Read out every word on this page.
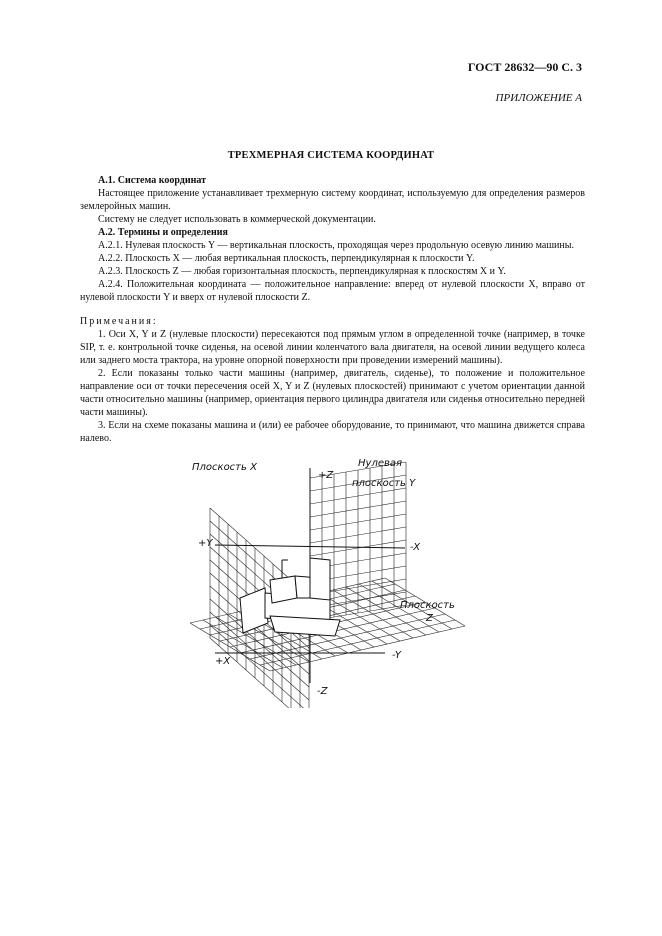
ГОСТ 28632—90 С. 3
ПРИЛОЖЕНИЕ А
ТРЕХМЕРНАЯ СИСТЕМА КООРДИНАТ

А.1. Система координат

Настоящее приложение устанавливает трехмерную систему координат, используемую для определения размеров землеройных машин.

Систему не следует использовать в коммерческой документации.

А.2. Термины и определения

А.2.1. Нулевая плоскость Y — вертикальная плоскость, проходящая через продольную осевую линию машины.

А.2.2. Плоскость X — любая вертикальная плоскость, перпендикулярная к плоскости Y.

А.2.3. Плоскость Z — любая горизонтальная плоскость, перпендикулярная к плоскостям X и Y.

А.2.4. Положительная координата — положительное направление: вперед от нулевой плоскости X, вправо от нулевой плоскости Y и вверх от нулевой плоскости Z.

Примечания:

1. Оси X, Y и Z (нулевые плоскости) пересекаются под прямым углом в определенной точке (например, в точке SIP, т. е. контрольной точке сиденья, на осевой линии коленчатого вала двигателя, на осевой линии ведущего колеса или заднего моста трактора, на уровне опорной поверхности при проведении измерений машины).

2. Если показаны только части машины (например, двигатель, сиденье), то положение и положительное направление оси от точки пересечения осей X, Y и Z (нулевых плоскостей) принимают с учетом ориентации данной части относительно машины (например, ориентация первого цилиндра двигателя или сиденья относительно передней части машины).

3. Если на схеме показаны машина и (или) ее рабочее оборудование, то принимают, что машина движется справа налево.

Плоскость X	Нулевая
плоскость Y
Плоскость
Z
+Z
-Z
+Y
-Y
+X
-X
